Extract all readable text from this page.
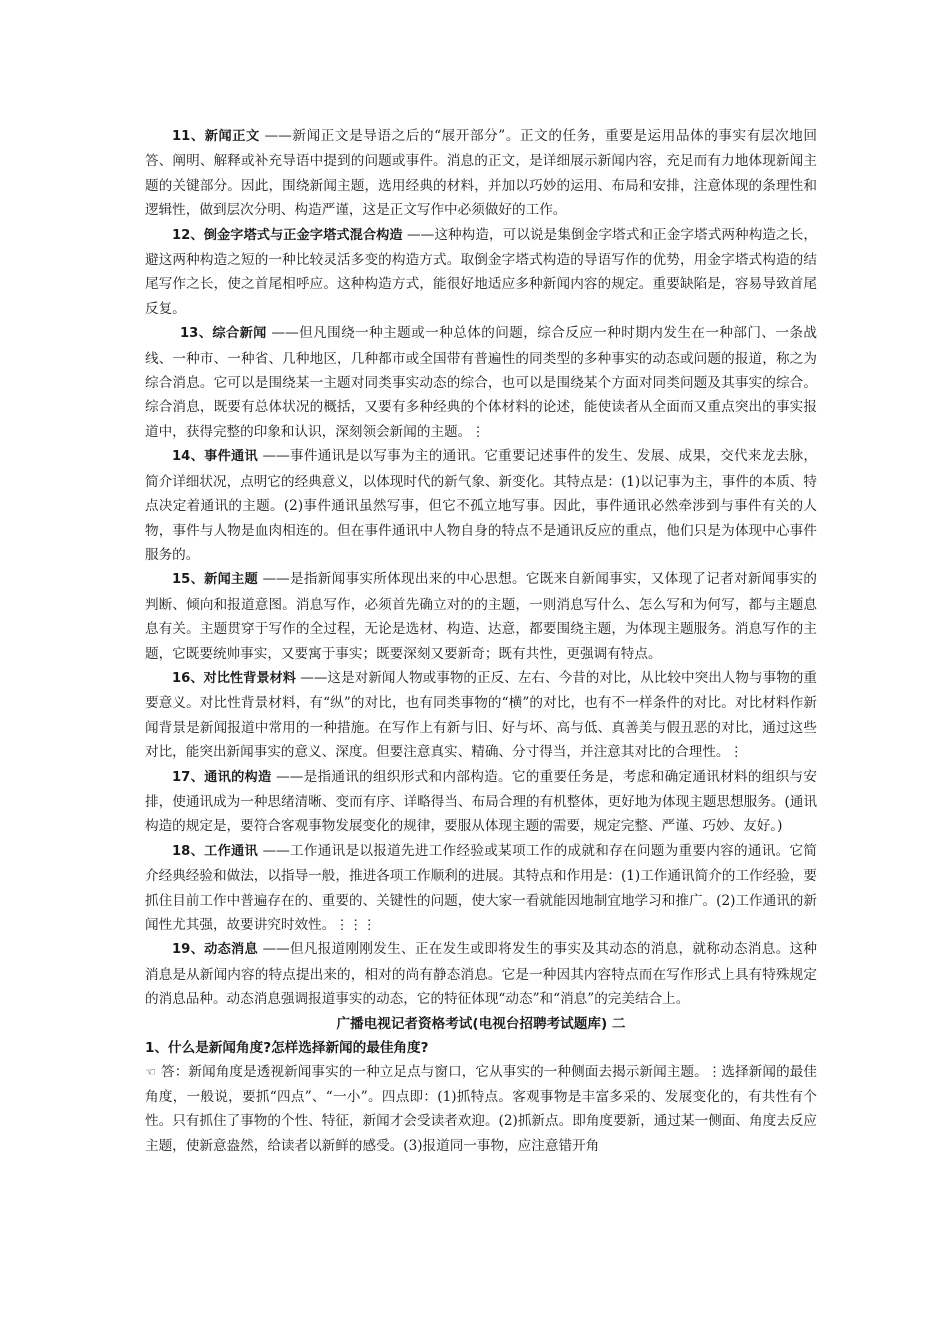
11、新闻正文 ——新闻正文是导语之后的“展开部分”。正文的任务，重要是运用品体的事实有层次地回答、阐明、解释或补充导语中提到的问题或事件。消息的正文，是详细展示新闻内容，充足而有力地体现新闻主题的关键部分。因此，围绕新闻主题，选用经典的材料，并加以巧妙的运用、布局和安排，注意体现的条理性和逻辑性，做到层次分明、构造严谨，这是正文写作中必须做好的工作。

12、倒金字塔式与正金字塔式混合构造 ——这种构造，可以说是集倒金字塔式和正金字塔式两种构造之长，避这两种构造之短的一种比较灵活多变的构造方式。取倒金字塔式构造的导语写作的优势，用金字塔式构造的结尾写作之长，使之首尾相呼应。这种构造方式，能很好地适应多种新闻内容的规定。重要缺陷是，容易导致首尾反复。

13、综合新闻 ——但凡围绕一种主题或一种总体的问题，综合反应一种时期内发生在一种部门、一条战线、一种市、一种省、几种地区，几种都市或全国带有普遍性的同类型的多种事实的动态或问题的报道，称之为综合消息。它可以是围绕某一主题对同类事实动态的综合，也可以是围绕某个方面对同类问题及其事实的综合。综合消息，既要有总体状况的概括，又要有多种经典的个体材料的论述，能使读者从全面而又重点突出的事实报道中，获得完整的印象和认识，深刻领会新闻的主题。⋮

14、事件通讯 ——事件通讯是以写事为主的通讯。它重要记述事件的发生、发展、成果，交代来龙去脉，简介详细状况，点明它的经典意义，以体现时代的新气象、新变化。其特点是：(1)以记事为主，事件的本质、特点决定着通讯的主题。(2)事件通讯虽然写事，但它不孤立地写事。因此，事件通讯必然牵涉到与事件有关的人物，事件与人物是血肉相连的。但在事件通讯中人物自身的特点不是通讯反应的重点，他们只是为体现中心事件服务的。

15、新闻主题 ——是指新闻事实所体现出来的中心思想。它既来自新闻事实，又体现了记者对新闻事实的判断、倾向和报道意图。消息写作，必须首先确立对的的主题，一则消息写什么、怎么写和为何写，都与主题息息有关。主题贯穿于写作的全过程，无论是选材、构造、达意，都要围绕主题，为体现主题服务。消息写作的主题，它既要统帅事实，又要寓于事实；既要深刻又要新奇；既有共性，更强调有特点。

16、对比性背景材料 ——这是对新闻人物或事物的正反、左右、今昔的对比，从比较中突出人物与事物的重要意义。对比性背景材料，有“纵”的对比，也有同类事物的“横”的对比，也有不一样条件的对比。对比材料作新闻背景是新闻报道中常用的一种措施。在写作上有新与旧、好与坏、高与低、真善美与假丑恶的对比，通过这些对比，能突出新闻事实的意义、深度。但要注意真实、精确、分寸得当，并注意其对比的合理性。⋮

17、通讯的构造 ——是指通讯的组织形式和内部构造。它的重要任务是，考虑和确定通讯材料的组织与安排，使通讯成为一种思绪清晰、变而有序、详略得当、布局合理的有机整体，更好地为体现主题思想服务。(通讯构造的规定是，要符合客观事物发展变化的规律，要服从体现主题的需要，规定完整、严谨、巧妙、友好。)

18、工作通讯 ——工作通讯是以报道先进工作经验或某项工作的成就和存在问题为重要内容的通讯。它简介经典经验和做法，以指导一般，推进各项工作顺利的进展。其特点和作用是：(1)工作通讯简介的工作经验，要抓住目前工作中普遍存在的、重要的、关键性的问题，使大家一看就能因地制宜地学习和推广。(2)工作通讯的新闻性尤其强，故要讲究时效性。⋮⋮⋮

19、动态消息 ——但凡报道刚刚发生、正在发生或即将发生的事实及其动态的消息，就称动态消息。这种消息是从新闻内容的特点提出来的，相对的尚有静态消息。它是一种因其内容特点而在写作形式上具有特殊规定的消息品种。动态消息强调报道事实的动态，它的特征体现“动态”和“消息”的完美结合上。

广播电视记者资格考试(电视台招聘考试题库) 二

1、什么是新闻角度?怎样选择新闻的最佳角度?

☜ 答：新闻角度是透视新闻事实的一种立足点与窗口，它从事实的一种侧面去揭示新闻主题。⋮选择新闻的最佳角度，一般说，要抓“四点”、“一小”。四点即：(1)抓特点。客观事物是丰富多采的、发展变化的，有共性有个性。只有抓住了事物的个性、特征，新闻才会受读者欢迎。(2)抓新点。即角度要新，通过某一侧面、角度去反应主题，使新意盎然，给读者以新鲜的感受。(3)报道同一事物，应注意错开角
